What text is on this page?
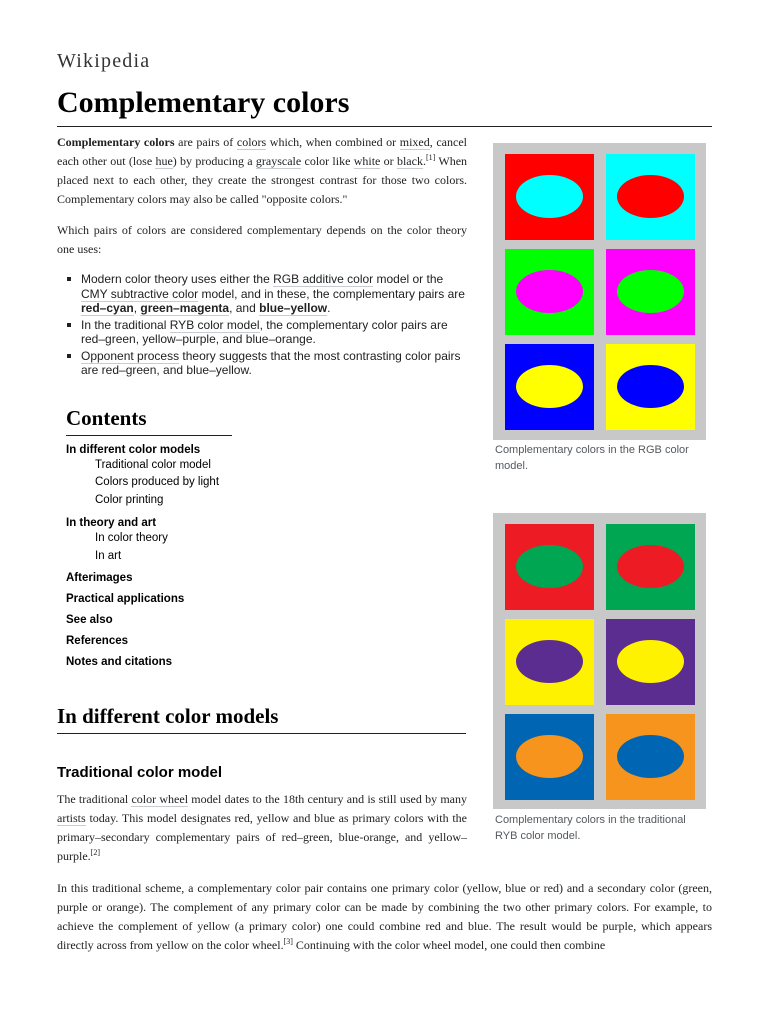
Wikipedia
Complementary colors

Complementary colors are pairs of colors which, when combined or mixed, cancel each other out (lose hue) by producing a grayscale color like white or black.[1] When placed next to each other, they create the strongest contrast for those two colors. Complementary colors may also be called "opposite colors."

Which pairs of colors are considered complementary depends on the color theory one uses:

Modern color theory uses either the RGB additive color model or the CMY subtractive color model, and in these, the complementary pairs are red–cyan, green–magenta, and blue–yellow.
In the traditional RYB color model, the complementary color pairs are red–green, yellow–purple, and blue–orange.
Opponent process theory suggests that the most contrasting color pairs are red–green, and blue–yellow.
Contents
In different color models
Traditional color model
Colors produced by light
Color printing
In theory and art
In color theory
In art
Afterimages
Practical applications
See also
References
Notes and citations
In different color models
Traditional color model

The traditional color wheel model dates to the 18th century and is still used by many artists today. This model designates red, yellow and blue as primary colors with the primary–secondary complementary pairs of red–green, blue-orange, and yellow–purple.[2]

In this traditional scheme, a complementary color pair contains one primary color (yellow, blue or red) and a secondary color (green, purple or orange). The complement of any primary color can be made by combining the two other primary colors. For example, to achieve the complement of yellow (a primary color) one could combine red and blue. The result would be purple, which appears directly across from yellow on the color wheel.[3] Continuing with the color wheel model, one could then combine

Complementary colors in the RGB color model.
Complementary colors in the traditional RYB color model.
